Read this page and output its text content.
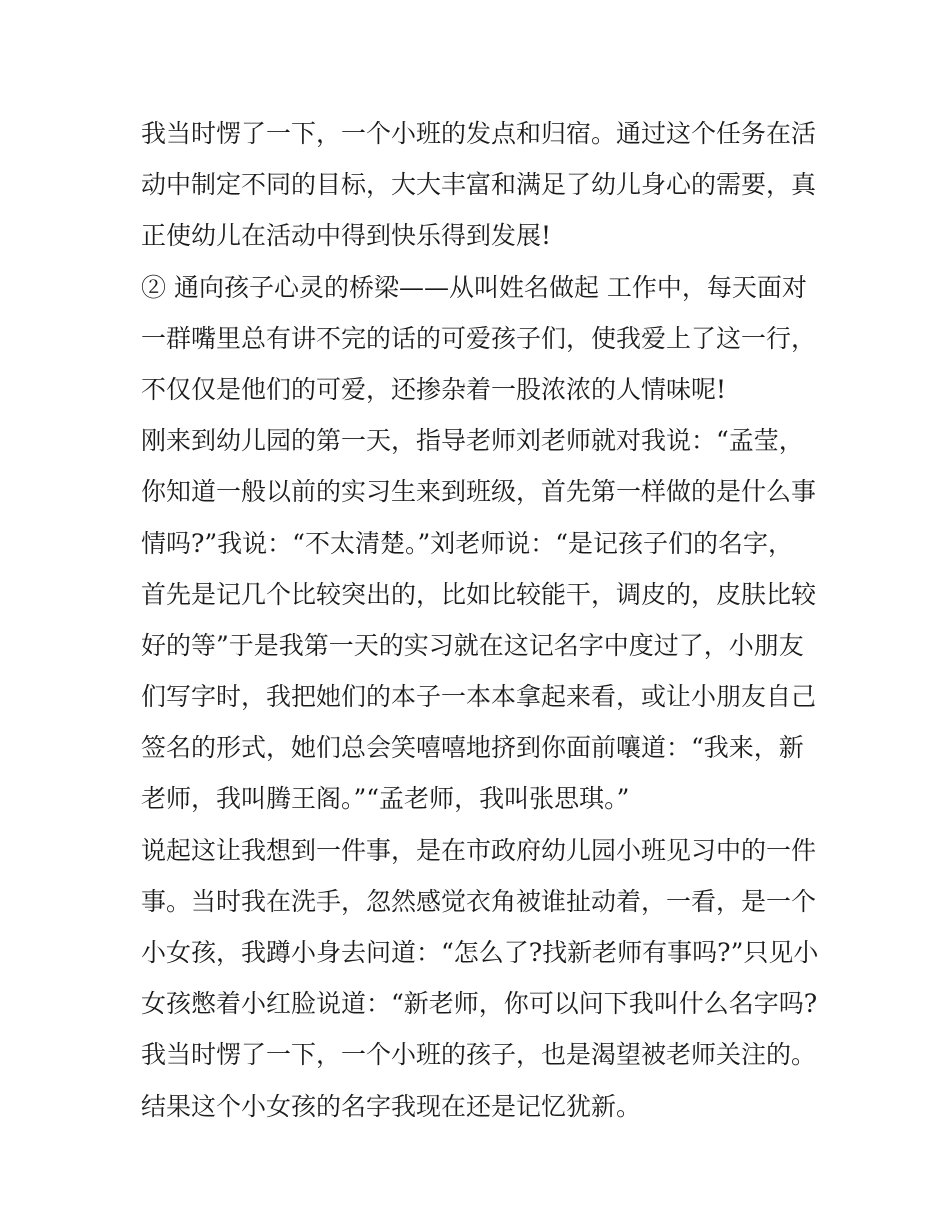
我当时愣了一下，一个小班的发点和归宿。通过这个任务在活
动中制定不同的目标，大大丰富和满足了幼儿身心的需要，真
正使幼儿在活动中得到快乐得到发展!
② 通向孩子心灵的桥梁——从叫姓名做起 工作中，每天面对
一群嘴里总有讲不完的话的可爱孩子们，使我爱上了这一行，
不仅仅是他们的可爱，还掺杂着一股浓浓的人情味呢!
刚来到幼儿园的第一天，指导老师刘老师就对我说：“孟莹，
你知道一般以前的实习生来到班级，首先第一样做的是什么事
情吗?”我说：“不太清楚。”刘老师说：“是记孩子们的名字，
首先是记几个比较突出的，比如比较能干，调皮的，皮肤比较
好的等”于是我第一天的实习就在这记名字中度过了，小朋友
们写字时，我把她们的本子一本本拿起来看，或让小朋友自己
签名的形式，她们总会笑嘻嘻地挤到你面前嚷道：“我来，新
老师，我叫腾王阁。”“孟老师，我叫张思琪。”
说起这让我想到一件事，是在市政府幼儿园小班见习中的一件
事。当时我在洗手，忽然感觉衣角被谁扯动着，一看，是一个
小女孩，我蹲小身去问道：“怎么了?找新老师有事吗?”只见小
女孩憋着小红脸说道：“新老师，你可以问下我叫什么名字吗?
我当时愣了一下，一个小班的孩子，也是渴望被老师关注的。
结果这个小女孩的名字我现在还是记忆犹新。
